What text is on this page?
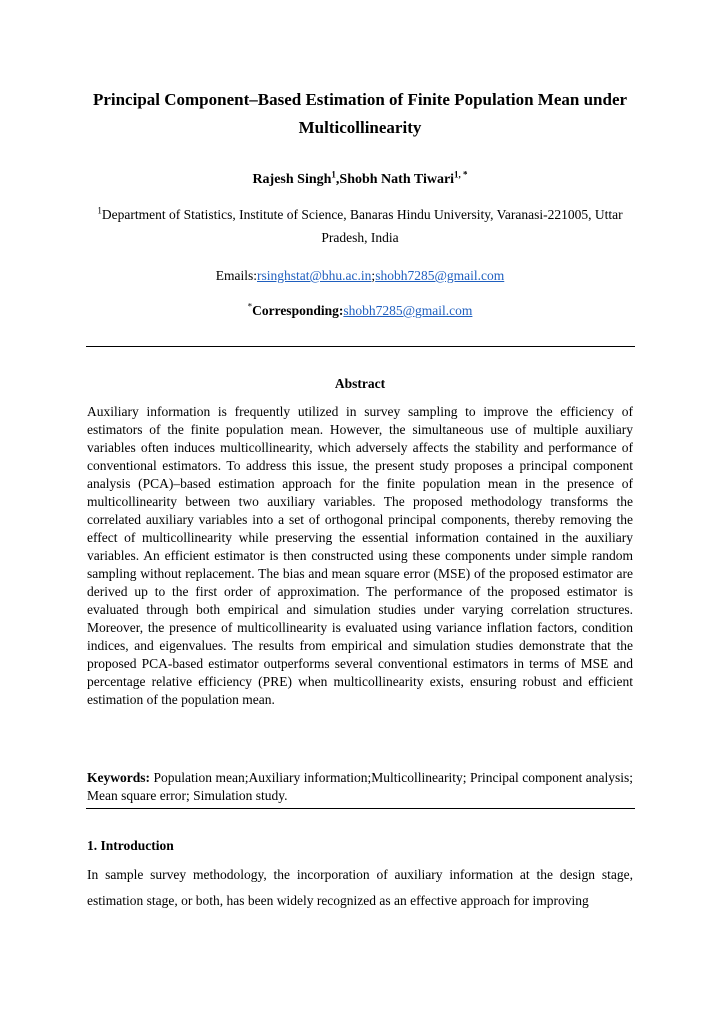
Principal Component–Based Estimation of Finite Population Mean under Multicollinearity
Rajesh Singh$^1$,Shobh Nath Tiwari$^{1, *}$
$^1$Department of Statistics, Institute of Science, Banaras Hindu University, Varanasi-221005, Uttar Pradesh, India
Emails:rsinghstat@bhu.ac.in;shobh7285@gmail.com
*Corresponding:shobh7285@gmail.com
Abstract
Auxiliary information is frequently utilized in survey sampling to improve the efficiency of estimators of the finite population mean. However, the simultaneous use of multiple auxiliary variables often induces multicollinearity, which adversely affects the stability and performance of conventional estimators. To address this issue, the present study proposes a principal component analysis (PCA)–based estimation approach for the finite population mean in the presence of multicollinearity between two auxiliary variables. The proposed methodology transforms the correlated auxiliary variables into a set of orthogonal principal components, thereby removing the effect of multicollinearity while preserving the essential information contained in the auxiliary variables. An efficient estimator is then constructed using these components under simple random sampling without replacement. The bias and mean square error (MSE) of the proposed estimator are derived up to the first order of approximation. The performance of the proposed estimator is evaluated through both empirical and simulation studies under varying correlation structures. Moreover, the presence of multicollinearity is evaluated using variance inflation factors, condition indices, and eigenvalues. The results from empirical and simulation studies demonstrate that the proposed PCA-based estimator outperforms several conventional estimators in terms of MSE and percentage relative efficiency (PRE) when multicollinearity exists, ensuring robust and efficient estimation of the population mean.
Keywords: Population mean;Auxiliary information;Multicollinearity; Principal component analysis; Mean square error; Simulation study.
1. Introduction
In sample survey methodology, the incorporation of auxiliary information at the design stage, estimation stage, or both, has been widely recognized as an effective approach for improving
